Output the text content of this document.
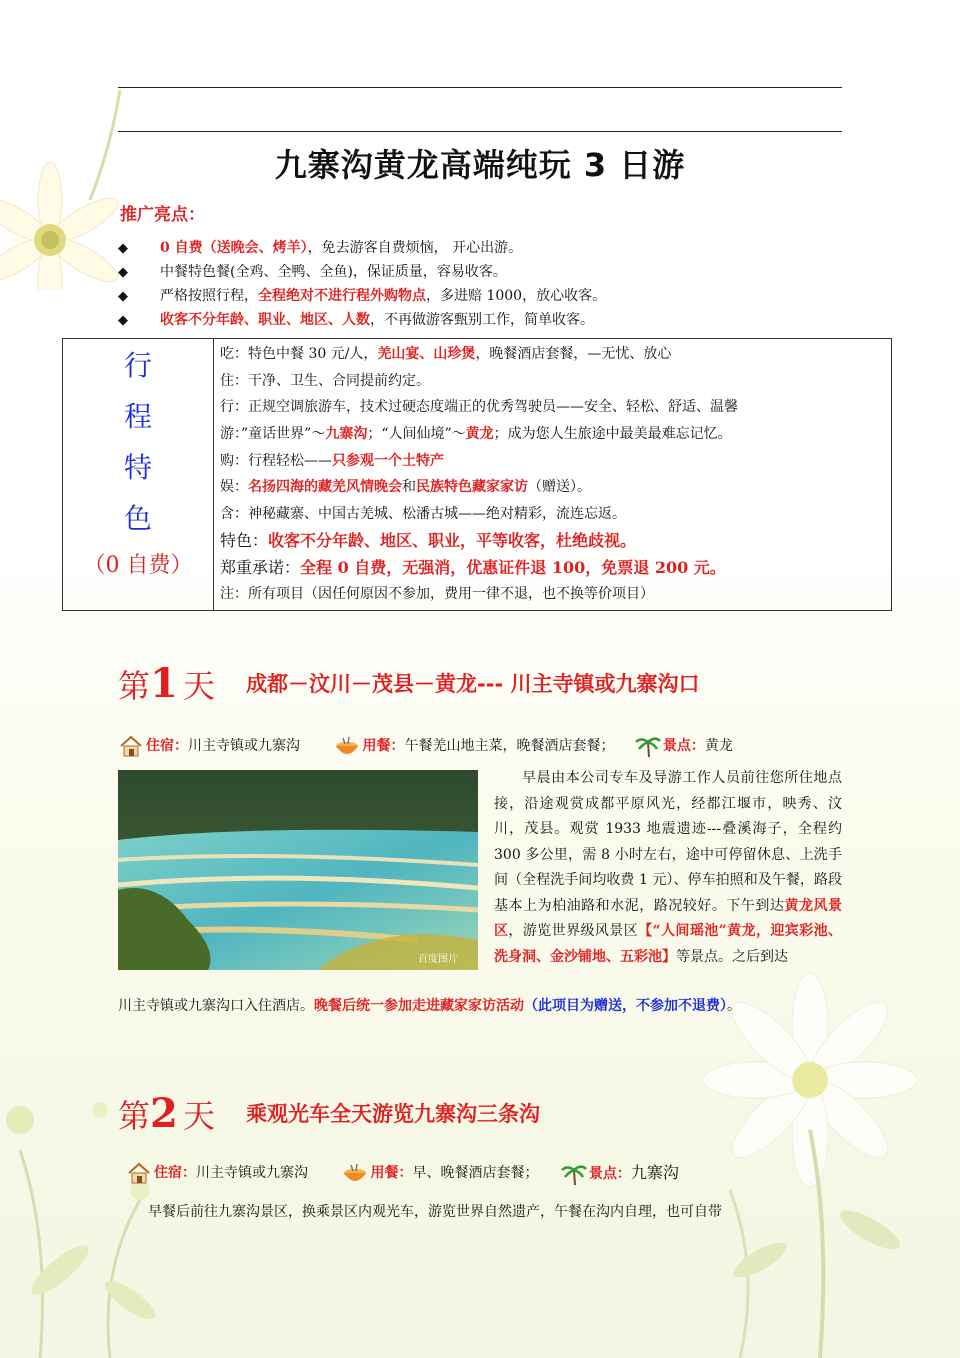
九寨沟黄龙高端纯玩 3 日游
推广亮点：
◆ 0 自费（送晚会、烤羊），免去游客自费烦恼， 开心出游。
◆ 中餐特色餐(全鸡、全鸭、全鱼)，保证质量，容易收客。
◆ 严格按照行程，全程绝对不进行程外购物点，多进赔 1000，放心收客。
◆ 收客不分年龄、职业、地区、人数，不再做游客甄别工作，简单收客。
行
程
特
色
（0 自费）

吃：特色中餐 30 元/人，羌山宴、山珍煲，晚餐酒店套餐，—无忧、放心
住：干净、卫生、合同提前约定。
行：正规空调旅游车，技术过硬态度端正的优秀驾驶员——安全、轻松、舒适、温馨
游：”童话世界”～九寨沟；“人间仙境”～黄龙；成为您人生旅途中最美最难忘记忆。
购：行程轻松——只参观一个土特产
娱：名扬四海的藏羌风情晚会和民族特色藏家家访（赠送）。
含：神秘藏寨、中国古羌城、松潘古城——绝对精彩，流连忘返。
特色：收客不分年龄、地区、职业，平等收客，杜绝歧视。
郑重承诺：全程 0 自费，无强消，优惠证件退 100，免票退 200 元。
注：所有项目（因任何原因不参加，费用一律不退，也不换等价项目）
第1 天 成都－汶川－茂县－黄龙--- 川主寺镇或九寨沟口
住宿：川主寺镇或九寨沟	用餐：午餐羌山地主菜，晚餐酒店套餐；	景点：黄龙
百度图片
早晨由本公司专车及导游工作人员前往您所住地点接，沿途观赏成都平原风光，经都江堰市，映秀、汶川，茂县。观赏 1933 地震遗迹---叠溪海子，全程约 300 多公里，需 8 小时左右，途中可停留休息、上洗手间（全程洗手间均收费 1 元）、停车拍照和及午餐，路段基本上为柏油路和水泥，路况较好。下午到达黄龙风景区，游览世界级风景区【“人间瑶池”黄龙，迎宾彩池、洗身洞、金沙铺地、五彩池】等景点。之后到达
川主寺镇或九寨沟口入住酒店。晚餐后统一参加走进藏家家访活动（此项目为赠送，不参加不退费）。
第2 天 乘观光车全天游览九寨沟三条沟
住宿：川主寺镇或九寨沟	用餐：早、晚餐酒店套餐；	景点：九寨沟
早餐后前往九寨沟景区，换乘景区内观光车，游览世界自然遗产，午餐在沟内自理，也可自带
